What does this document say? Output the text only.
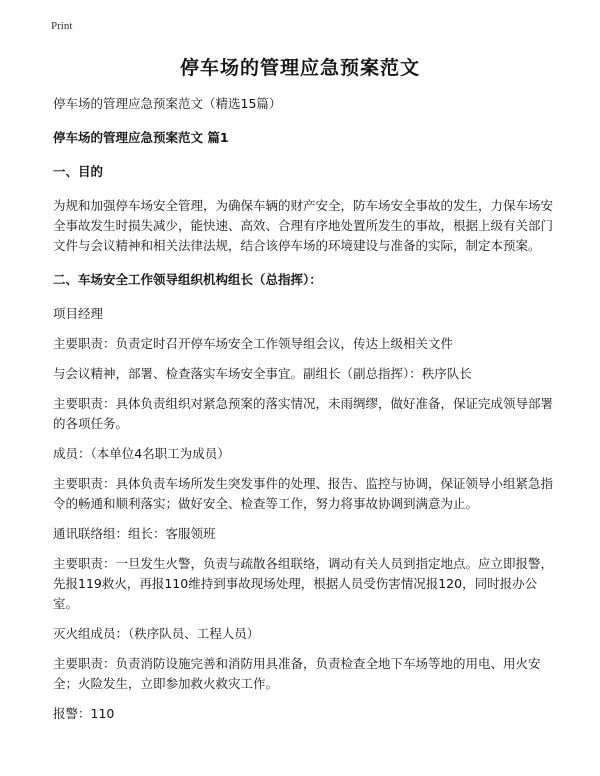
Print
停车场的管理应急预案范文

停车场的管理应急预案范文（精选15篇）

停车场的管理应急预案范文 篇1

一、目的

为规和加强停车场安全管理，为确保车辆的财产安全，防车场安全事故的发生，力保车场安全事故发生时损失减少，能快速、高效、合理有序地处置所发生的事故，根据上级有关部门文件与会议精神和相关法律法规，结合该停车场的环境建设与准备的实际，制定本预案。

二、车场安全工作领导组织机构组长（总指挥）：

项目经理

主要职责：负责定时召开停车场安全工作领导组会议，传达上级相关文件

与会议精神，部署、检查落实车场安全事宜。副组长（副总指挥）：秩序队长

主要职责：具体负责组织对紧急预案的落实情况，未雨绸缪，做好准备，保证完成领导部署的各项任务。

成员：（本单位4名职工为成员）

主要职责：具体负责车场所发生突发事件的处理、报告、监控与协调，保证领导小组紧急指令的畅通和顺利落实；做好安全、检查等工作，努力将事故协调到满意为止。

通讯联络组：组长：客服领班

主要职责：一旦发生火警，负责与疏散各组联络，调动有关人员到指定地点。应立即报警，先报119救火，再报110维持到事故现场处理，根据人员受伤害情况报120，同时报办公室。

灭火组成员：（秩序队员、工程人员）

主要职责：负责消防设施完善和消防用具准备，负责检查全地下车场等地的用电、用火安全；火险发生，立即参加救火救灾工作。

报警：110
